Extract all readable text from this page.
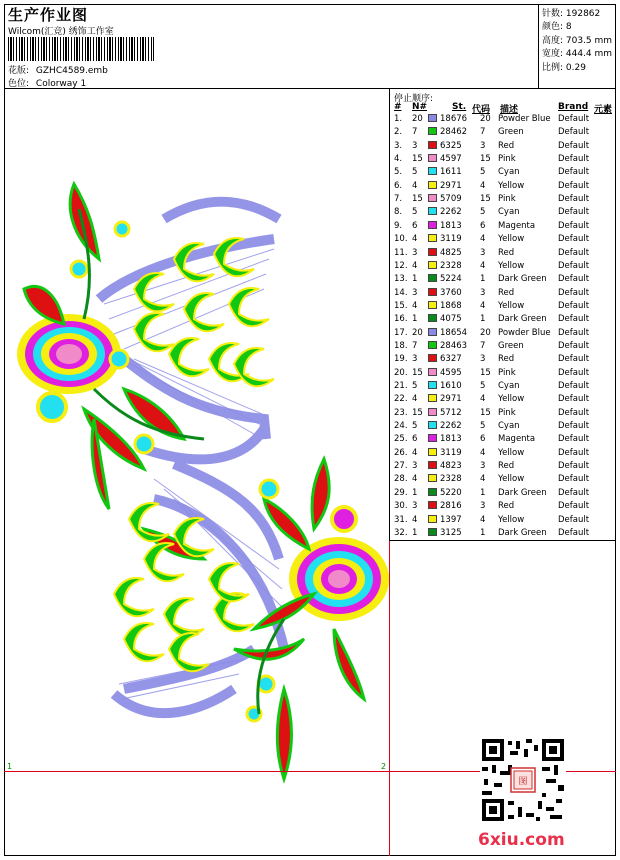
生产作业图
Wilcom(汇竞) 绣饰工作室
花版: GZHC4589.emb
色位: Colorway 1
针数: 192862
颜色: 8
高度: 703.5 mm
宽度: 444.4 mm
比例: 0.29
1	2
停止顺序:
# N#	St. 代码 描述	Brand 元素
1. 20 18676 20 Powder Blue Default
2. 7	28462 7 Green	Default
3. 3	6325 3 Red	Default
4. 15 4597 15 Pink	Default
5. 5	1611 5 Cyan	Default
6. 4	2971 4 Yellow	Default
7. 15 5709 15 Pink	Default
8. 5	2262 5 Cyan	Default
9. 6	1813 6 Magenta	Default
10. 4	3119 4 Yellow	Default
11. 3	4825 3 Red	Default
12. 4	2328 4 Yellow	Default
13. 1	5224 1 Dark Green Default
14. 3	3760 3 Red	Default
15. 4	1868 4 Yellow	Default
16. 1	4075 1 Dark Green Default
17. 20 18654 20 Powder Blue Default
18. 7	28463 7 Green	Default
19. 3	6327 3 Red	Default
20. 15 4595 15 Pink	Default
21. 5	1610 5 Cyan	Default
22. 4	2971 4 Yellow	Default
23. 15 5712 15 Pink	Default
24. 5	2262 5 Cyan	Default
25. 6	1813 6 Magenta	Default
26. 4	3119 4 Yellow	Default
27. 3	4823 3 Red	Default
28. 4	2328 4 Yellow	Default
29. 1	5220 1 Dark Green Default
30. 3	2816 3 Red	Default
31. 4	1397 4 Yellow	Default
32. 1	3125 1 Dark Green Default
图
6xiu.com
